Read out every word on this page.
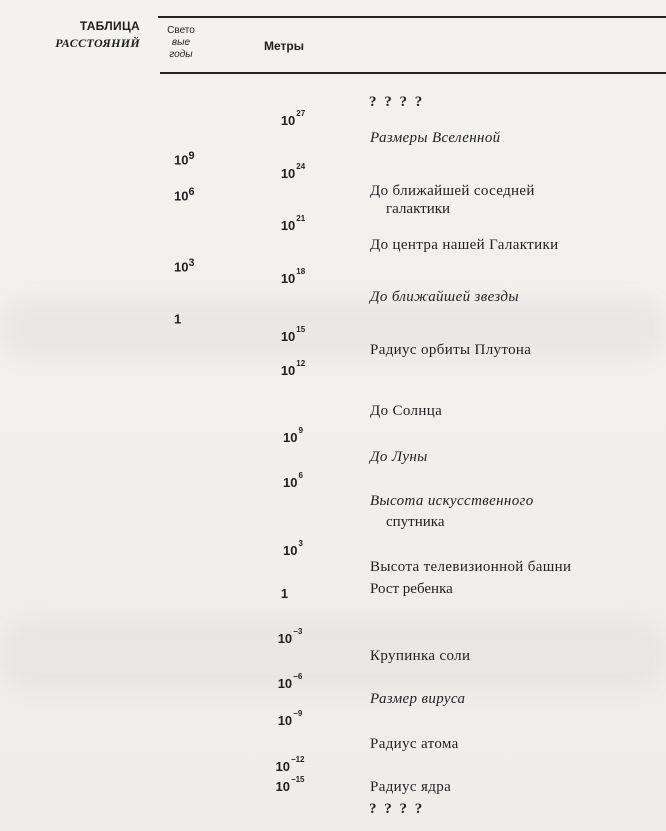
ТАБЛИЦА
РАССТОЯНИЙ
Свето
вые
годы
Метры
$10^9$
$10^6$
$10^3$
1
$10^{27}$
$10^{24}$
$10^{21}$
$10^{18}$
$10^{15}$
$10^{12}$
$10^9$
$10^6$
$10^3$
1
$10^{-3}$
$10^{-6}$
$10^{-9}$
$10^{-12}$
$10^{-15}$
? ? ? ?
? ? ? ?
Размеры Вселенной
До ближайшей соседней
галактики
До центра нашей Галактики
До ближайшей звезды
Радиус орбиты Плутона
До Солнца
До Луны
Высота искусственного
спутника
Высота телевизионной башни
Рост ребенка
Крупинка соли
Размер вируса
Радиус атома
Радиус ядра
